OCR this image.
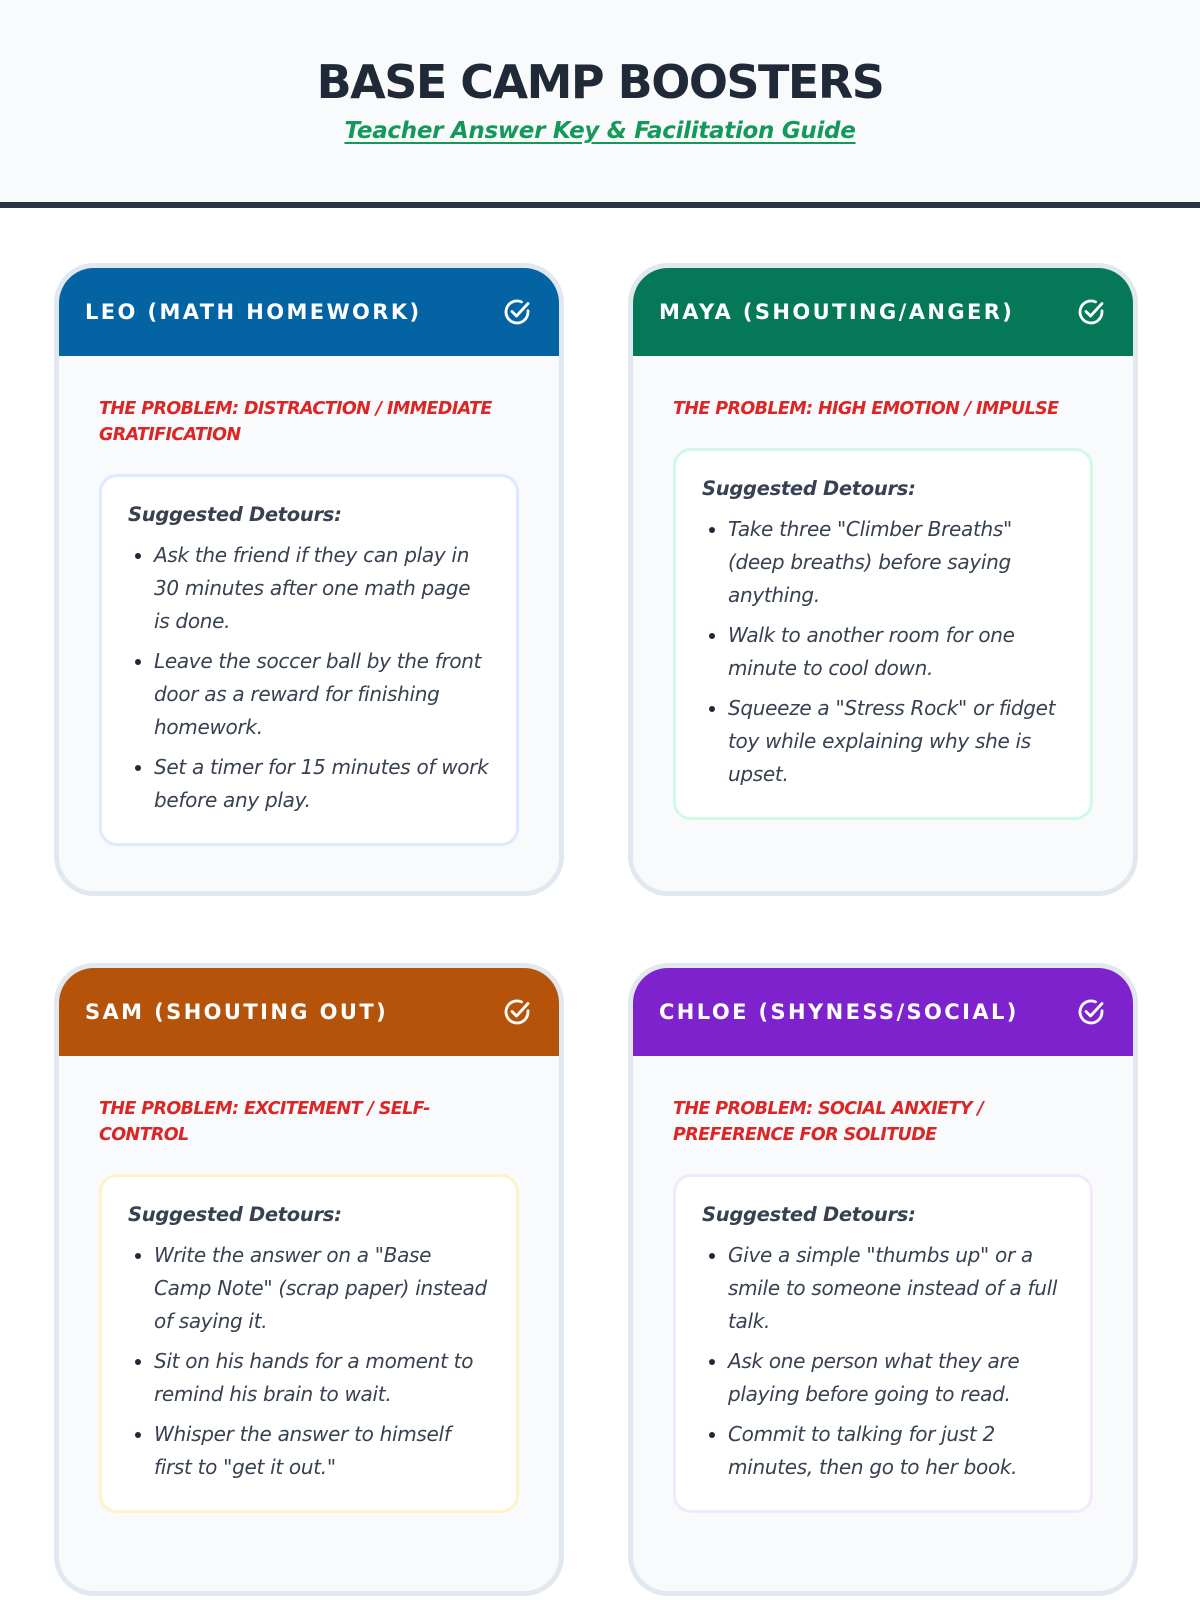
BASE CAMP BOOSTERS
Teacher Answer Key & Facilitation Guide
LEO (MATH HOMEWORK)
THE PROBLEM: DISTRACTION / IMMEDIATE GRATIFICATION
Suggested Detours:
• Ask the friend if they can play in 30 minutes after one math page is done.
• Leave the soccer ball by the front door as a reward for finishing homework.
• Set a timer for 15 minutes of work before any play.
MAYA (SHOUTING/ANGER)
THE PROBLEM: HIGH EMOTION / IMPULSE
Suggested Detours:
• Take three "Climber Breaths" (deep breaths) before saying anything.
• Walk to another room for one minute to cool down.
• Squeeze a "Stress Rock" or fidget toy while explaining why she is upset.
SAM (SHOUTING OUT)
THE PROBLEM: EXCITEMENT / SELF-CONTROL
Suggested Detours:
• Write the answer on a "Base Camp Note" (scrap paper) instead of saying it.
• Sit on his hands for a moment to remind his brain to wait.
• Whisper the answer to himself first to "get it out."
CHLOE (SHYNESS/SOCIAL)
THE PROBLEM: SOCIAL ANXIETY / PREFERENCE FOR SOLITUDE
Suggested Detours:
• Give a simple "thumbs up" or a smile to someone instead of a full talk.
• Ask one person what they are playing before going to read.
• Commit to talking for just 2 minutes, then go to her book.
